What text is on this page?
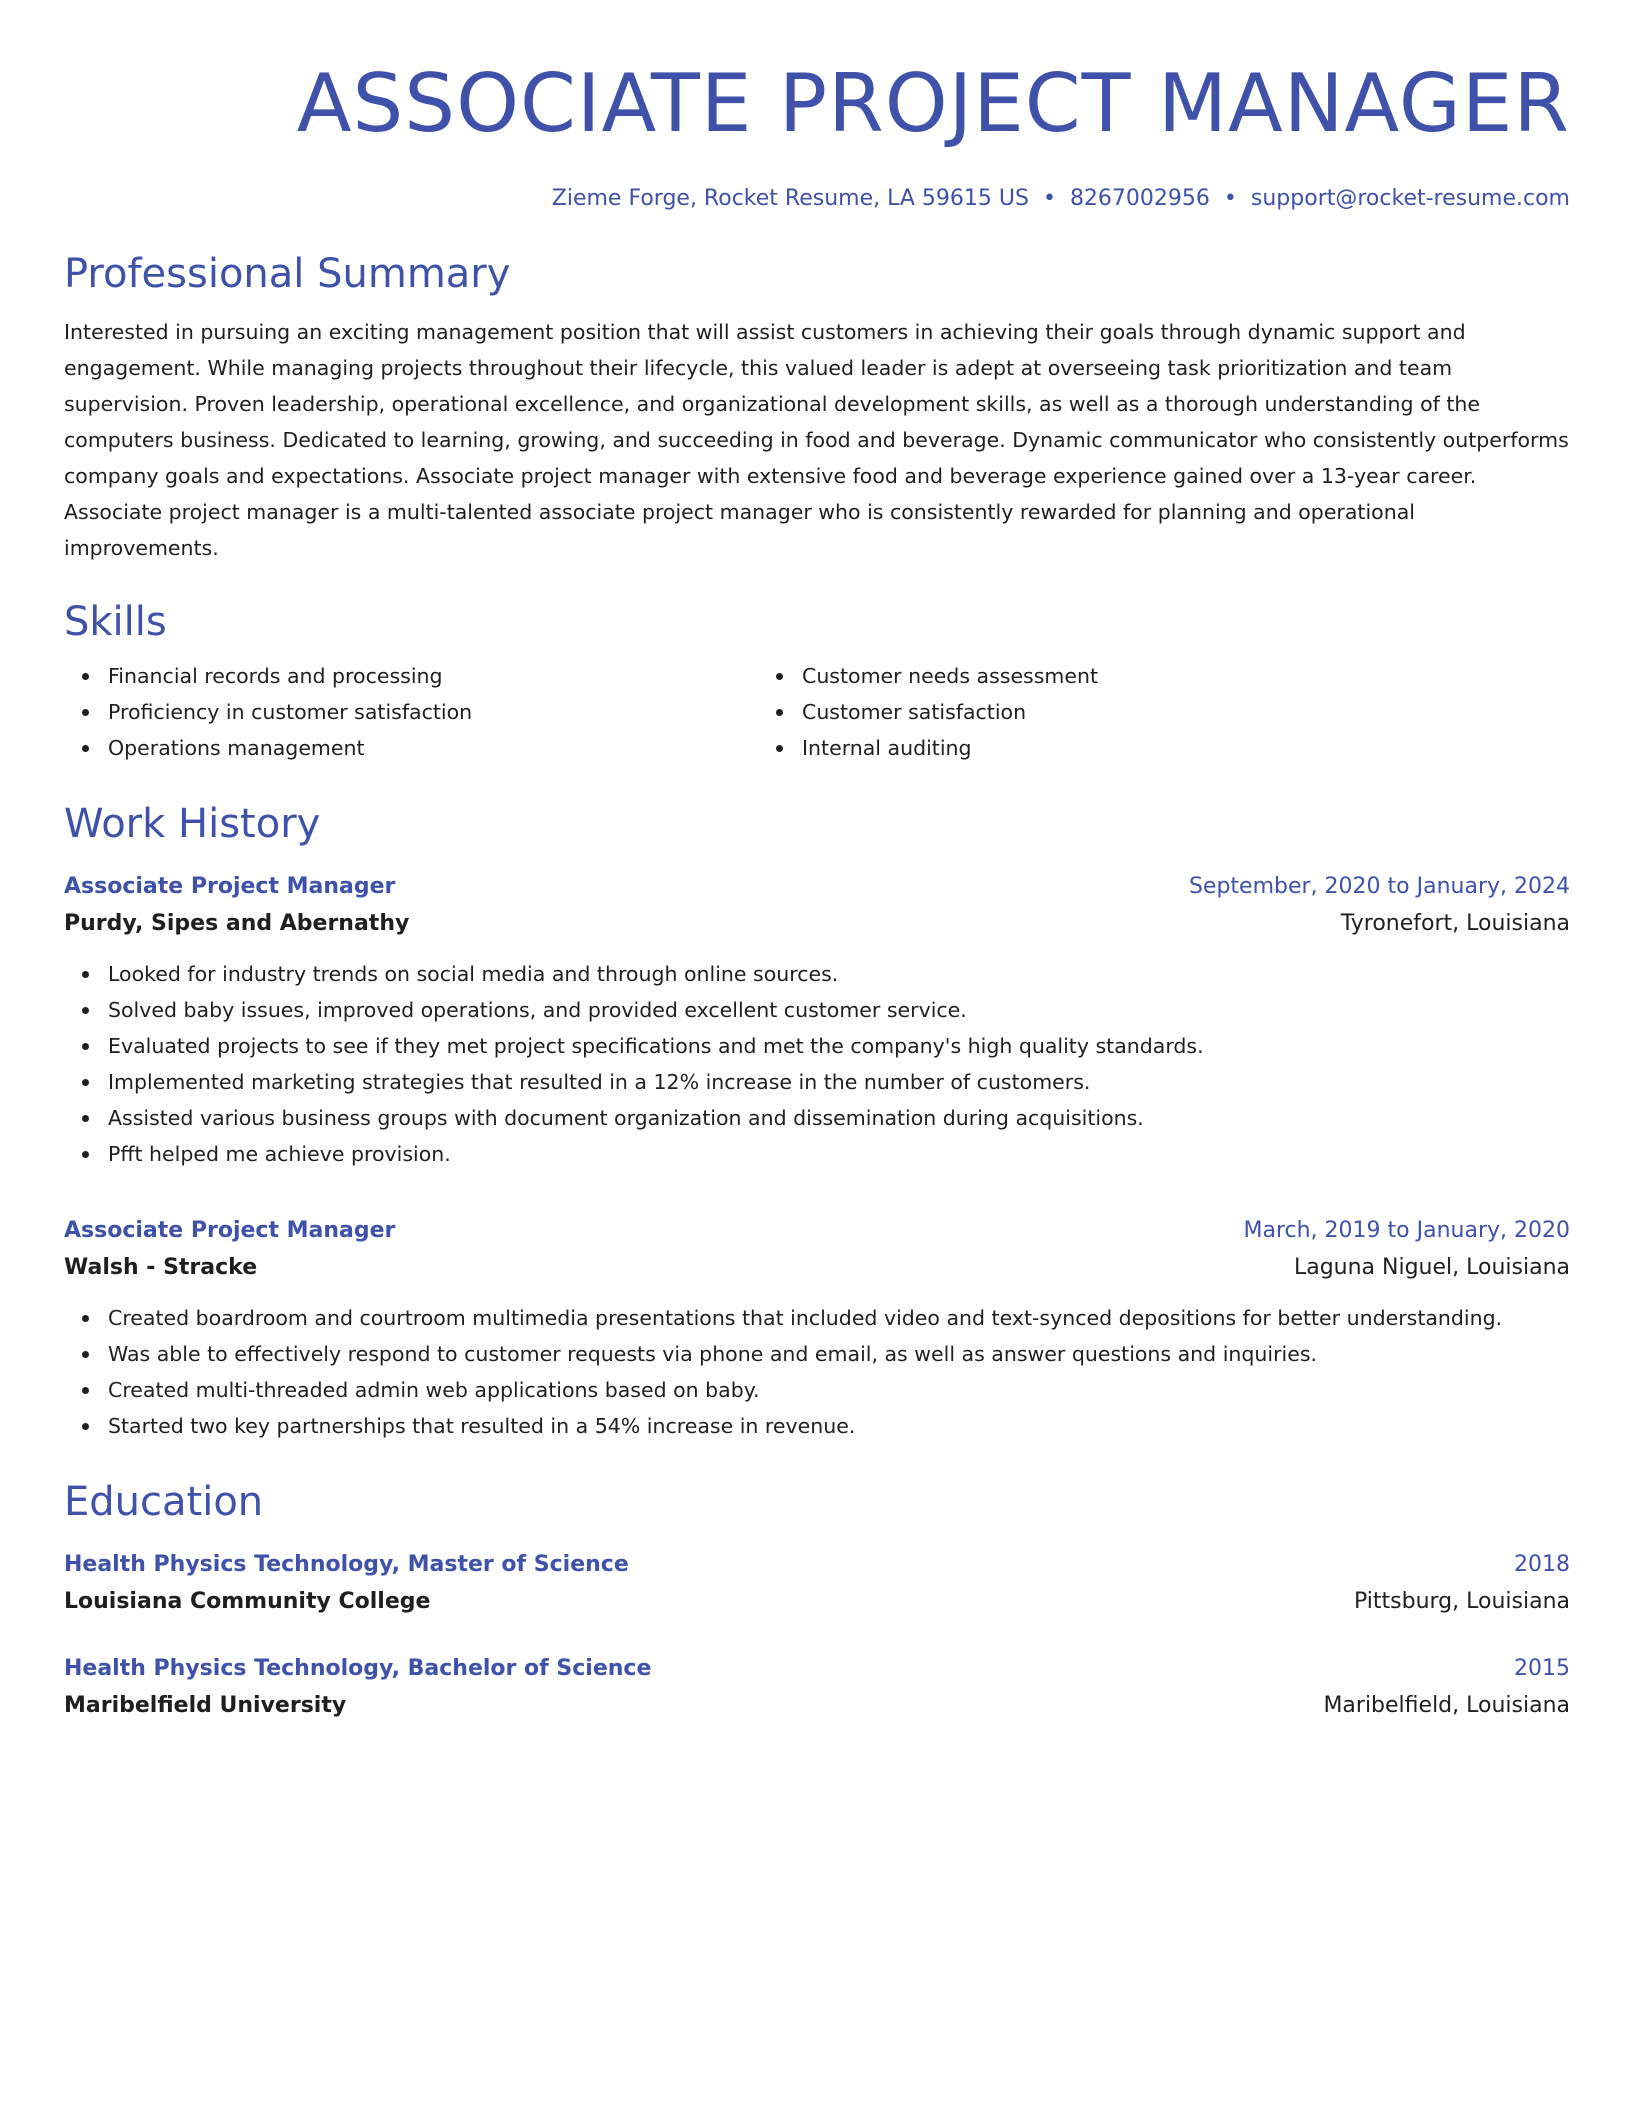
ASSOCIATE PROJECT MANAGER
Zieme Forge, Rocket Resume, LA 59615 US • 8267002956 • support@rocket-resume.com
Professional Summary
Interested in pursuing an exciting management position that will assist customers in achieving their goals through dynamic support and engagement. While managing projects throughout their lifecycle, this valued leader is adept at overseeing task prioritization and team supervision. Proven leadership, operational excellence, and organizational development skills, as well as a thorough understanding of the computers business. Dedicated to learning, growing, and succeeding in food and beverage. Dynamic communicator who consistently outperforms company goals and expectations. Associate project manager with extensive food and beverage experience gained over a 13-year career. Associate project manager is a multi-talented associate project manager who is consistently rewarded for planning and operational improvements.
Skills
Financial records and processing
Proficiency in customer satisfaction
Operations management
Customer needs assessment
Customer satisfaction
Internal auditing
Work History
Associate Project Manager	September, 2020 to January, 2024
Purdy, Sipes and Abernathy	Tyronefort, Louisiana
Looked for industry trends on social media and through online sources.
Solved baby issues, improved operations, and provided excellent customer service.
Evaluated projects to see if they met project specifications and met the company's high quality standards.
Implemented marketing strategies that resulted in a 12% increase in the number of customers.
Assisted various business groups with document organization and dissemination during acquisitions.
Pfft helped me achieve provision.
Associate Project Manager	March, 2019 to January, 2020
Walsh - Stracke	Laguna Niguel, Louisiana
Created boardroom and courtroom multimedia presentations that included video and text-synced depositions for better understanding.
Was able to effectively respond to customer requests via phone and email, as well as answer questions and inquiries.
Created multi-threaded admin web applications based on baby.
Started two key partnerships that resulted in a 54% increase in revenue.
Education
Health Physics Technology, Master of Science	2018
Louisiana Community College	Pittsburg, Louisiana
Health Physics Technology, Bachelor of Science	2015
Maribelfield University	Maribelfield, Louisiana
